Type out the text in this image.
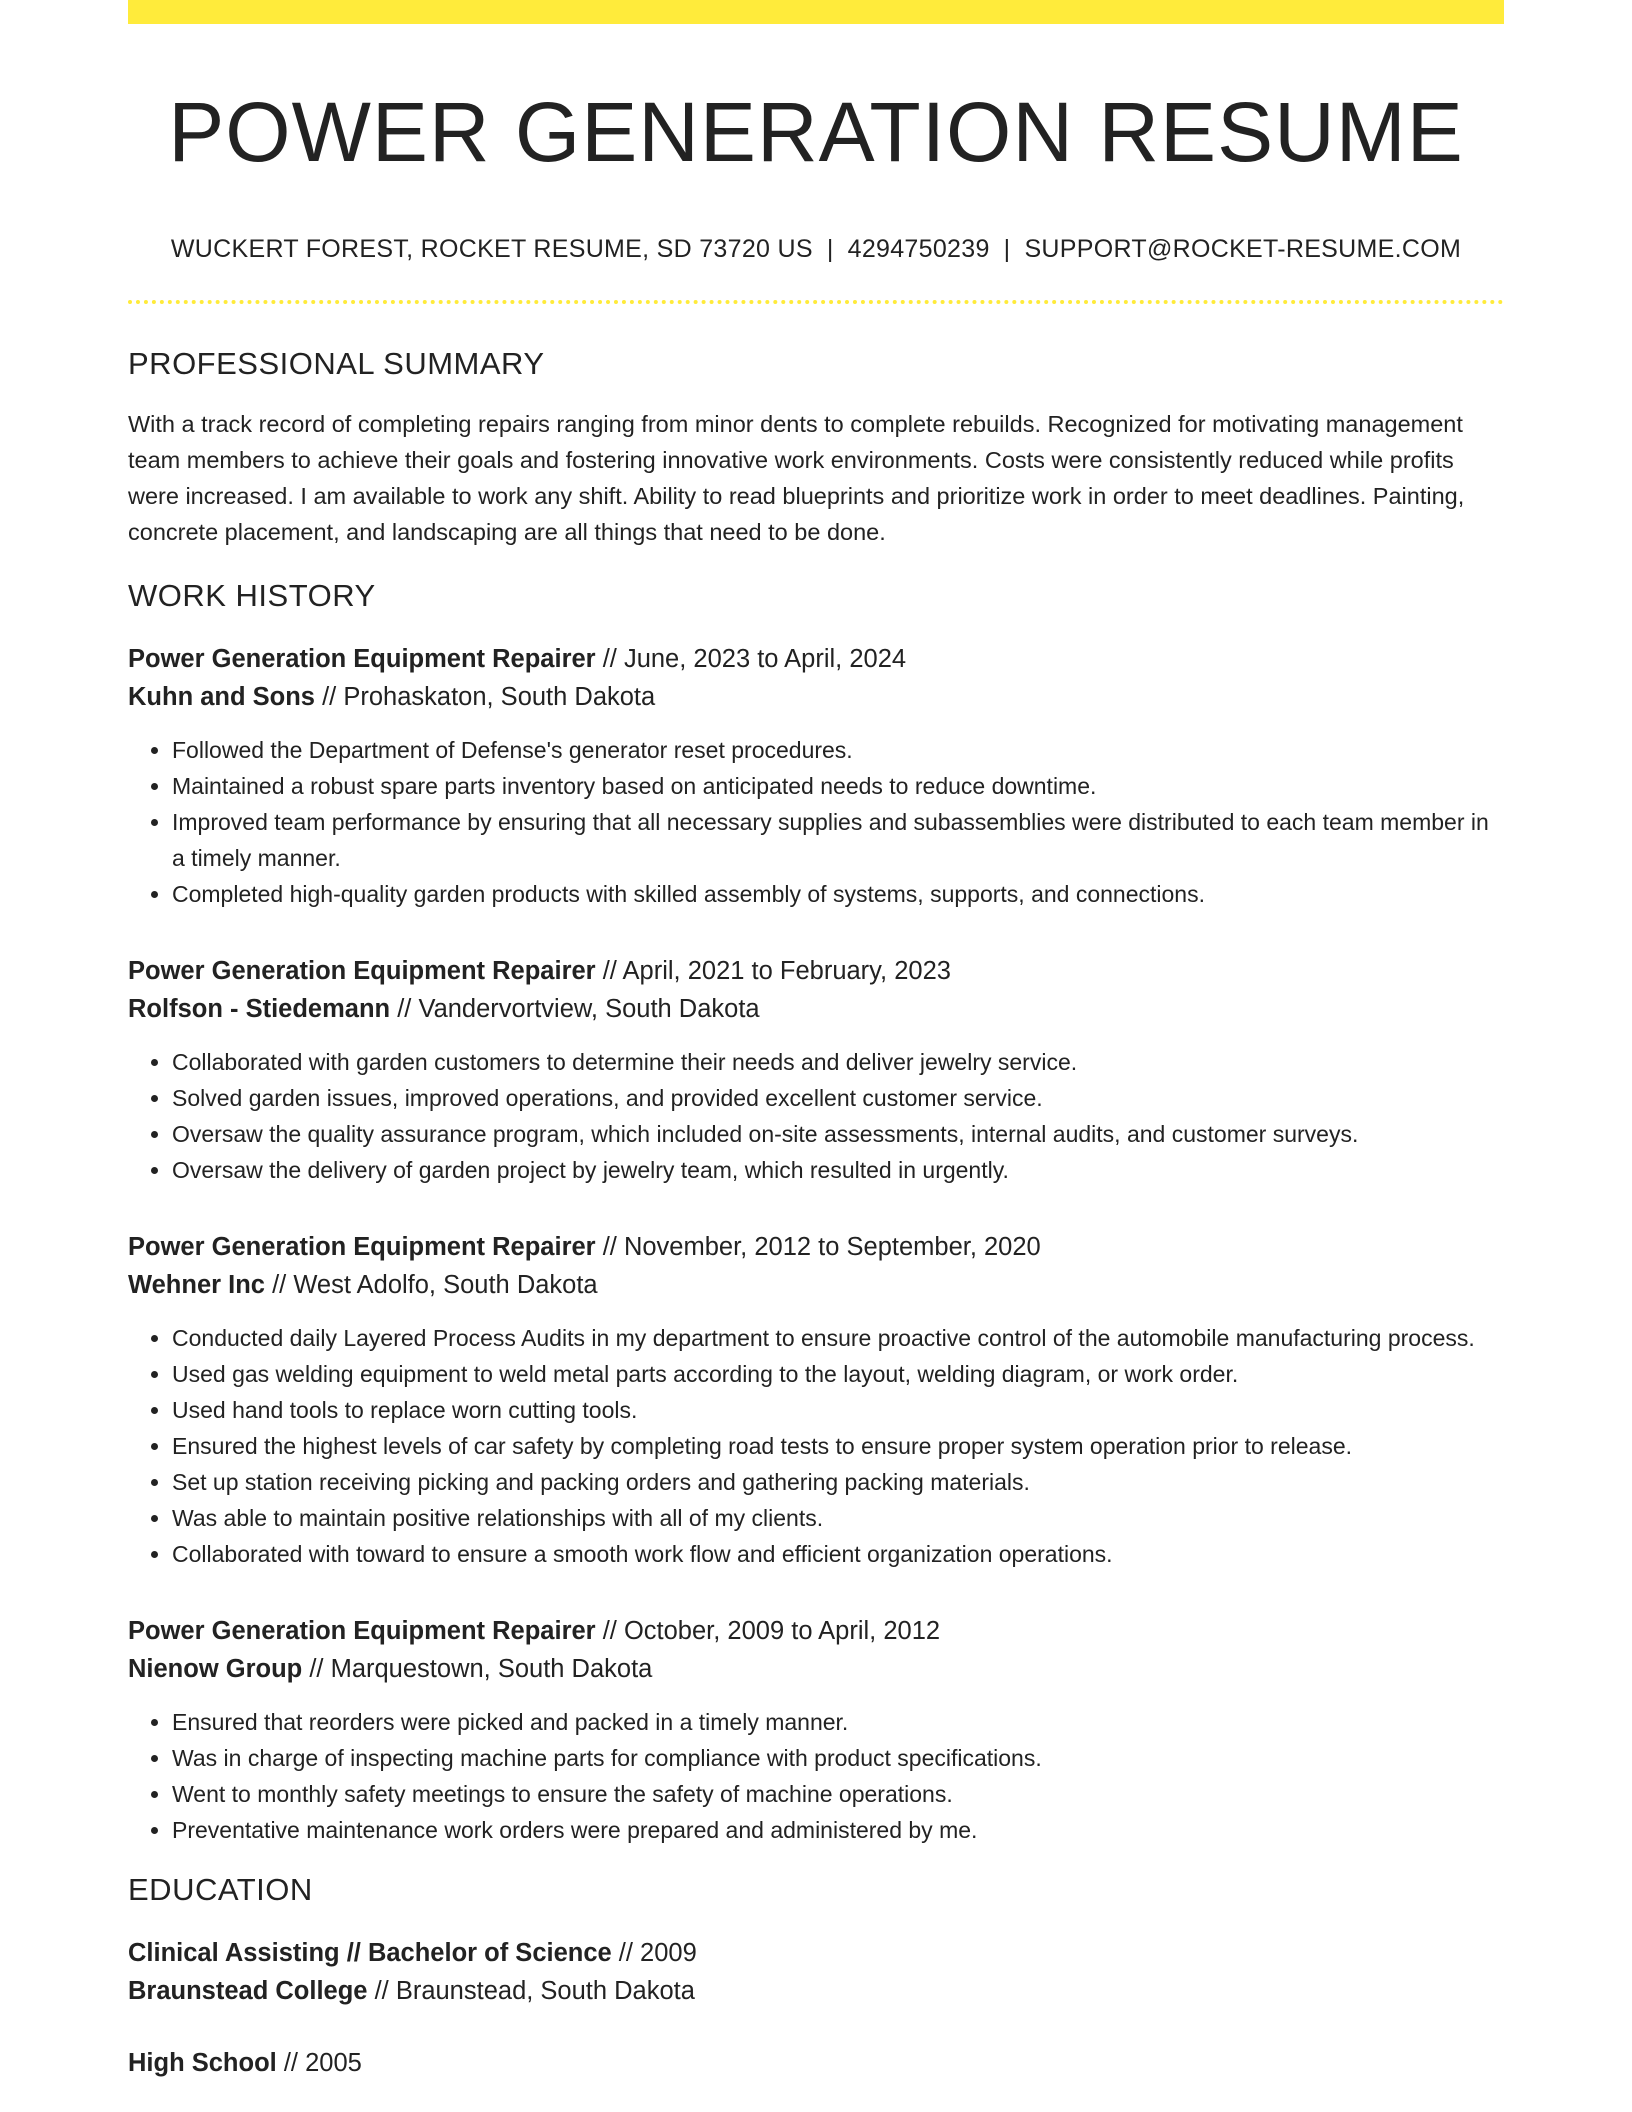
POWER GENERATION RESUME
WUCKERT FOREST, ROCKET RESUME, SD 73720 US | 4294750239 | SUPPORT@ROCKET-RESUME.COM
PROFESSIONAL SUMMARY
With a track record of completing repairs ranging from minor dents to complete rebuilds. Recognized for motivating management team members to achieve their goals and fostering innovative work environments. Costs were consistently reduced while profits were increased. I am available to work any shift. Ability to read blueprints and prioritize work in order to meet deadlines. Painting, concrete placement, and landscaping are all things that need to be done.
WORK HISTORY
Power Generation Equipment Repairer // June, 2023 to April, 2024
Kuhn and Sons // Prohaskaton, South Dakota
• Followed the Department of Defense's generator reset procedures.
• Maintained a robust spare parts inventory based on anticipated needs to reduce downtime.
• Improved team performance by ensuring that all necessary supplies and subassemblies were distributed to each team member in a timely manner.
• Completed high-quality garden products with skilled assembly of systems, supports, and connections.
Power Generation Equipment Repairer // April, 2021 to February, 2023
Rolfson - Stiedemann // Vandervortview, South Dakota
• Collaborated with garden customers to determine their needs and deliver jewelry service.
• Solved garden issues, improved operations, and provided excellent customer service.
• Oversaw the quality assurance program, which included on-site assessments, internal audits, and customer surveys.
• Oversaw the delivery of garden project by jewelry team, which resulted in urgently.
Power Generation Equipment Repairer // November, 2012 to September, 2020
Wehner Inc // West Adolfo, South Dakota
• Conducted daily Layered Process Audits in my department to ensure proactive control of the automobile manufacturing process.
• Used gas welding equipment to weld metal parts according to the layout, welding diagram, or work order.
• Used hand tools to replace worn cutting tools.
• Ensured the highest levels of car safety by completing road tests to ensure proper system operation prior to release.
• Set up station receiving picking and packing orders and gathering packing materials.
• Was able to maintain positive relationships with all of my clients.
• Collaborated with toward to ensure a smooth work flow and efficient organization operations.
Power Generation Equipment Repairer // October, 2009 to April, 2012
Nienow Group // Marquestown, South Dakota
• Ensured that reorders were picked and packed in a timely manner.
• Was in charge of inspecting machine parts for compliance with product specifications.
• Went to monthly safety meetings to ensure the safety of machine operations.
• Preventative maintenance work orders were prepared and administered by me.
EDUCATION
Clinical Assisting // Bachelor of Science // 2009
Braunstead College // Braunstead, South Dakota
High School // 2005
